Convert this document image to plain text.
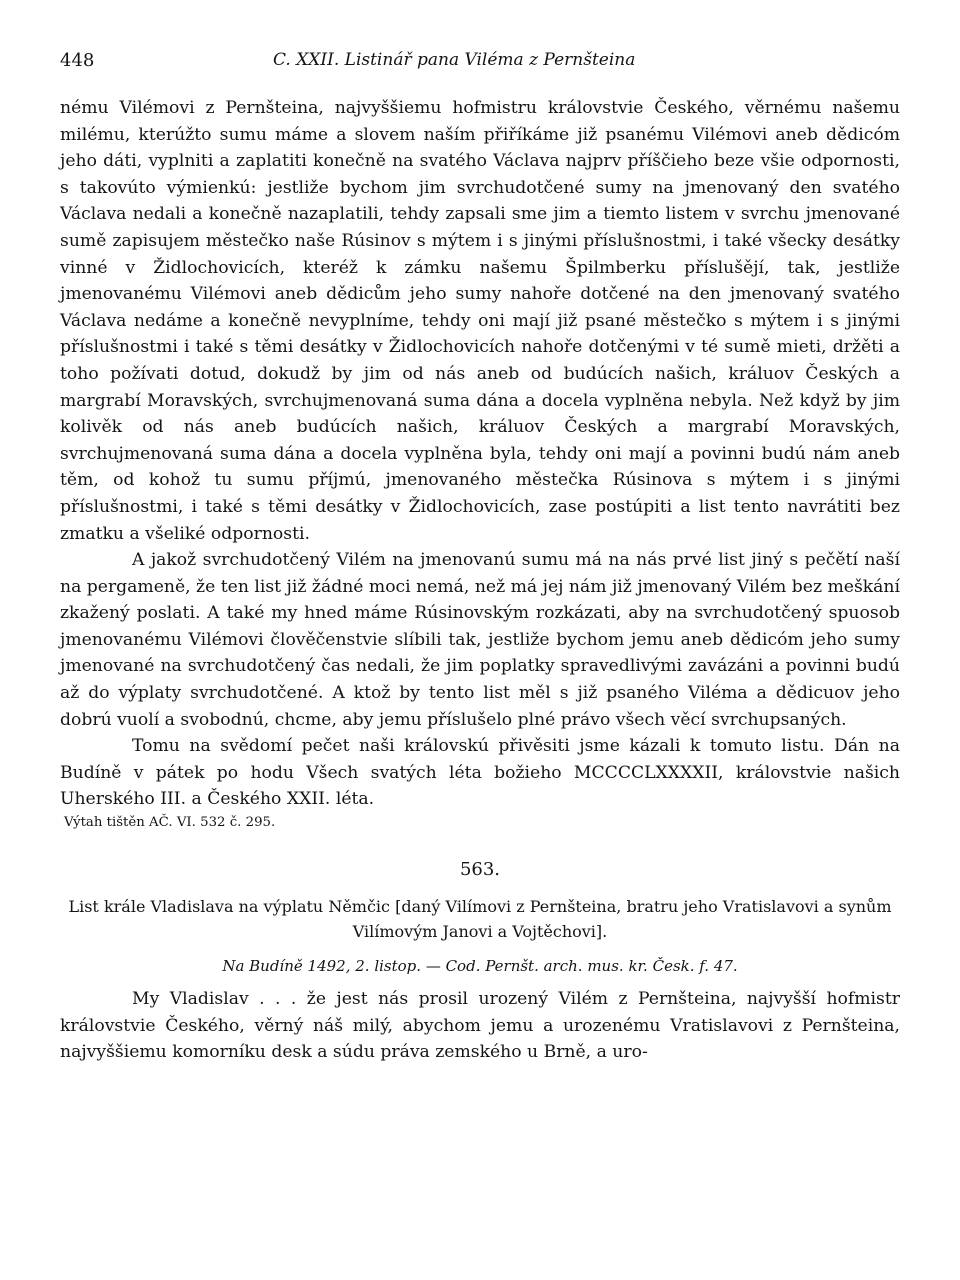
448	C. XXII. Listinář pana Viléma z Pernšteina

nému Vilémovi z Pernšteina, najvyššiemu hofmistru královstvie Českého, věrnému našemu milému, kterúžto sumu máme a slovem naším přiříkáme již psanému Vilémovi aneb dědicóm jeho dáti, vyplniti a zaplatiti konečně na svatého Václava najprv příščieho beze všie odpornosti, s takovúto výmienkú: jestliže bychom jim svrchudotčené sumy na jmenovaný den svatého Václava nedali a konečně nazaplatili, tehdy zapsali sme jim a tiemto listem v svrchu jmenované sumě zapisujem městečko naše Rúsinov s mýtem i s jinými příslušnostmi, i také všecky desátky vinné v Židlochovicích, kteréž k zámku našemu Špilmberku příslušějí, tak, jestliže jmenovanému Vilémovi aneb dědicům jeho sumy nahoře dotčené na den jmenovaný svatého Václava nedáme a konečně nevyplníme, tehdy oni mají již psané městečko s mýtem i s jinými příslušnostmi i také s těmi desátky v Židlochovicích nahoře dotčenými v té sumě mieti, držěti a toho požívati dotud, dokudž by jim od nás aneb od budúcích našich, králuov Českých a margrabí Moravských, svrchujmenovaná suma dána a docela vyplněna nebyla. Než když by jim kolivěk od nás aneb budúcích našich, králuov Českých a margrabí Moravských, svrchujmenovaná suma dána a docela vyplněna byla, tehdy oni mají a povinni budú nám aneb těm, od kohož tu sumu příjmú, jmenovaného městečka Rúsinova s mýtem i s jinými příslušnostmi, i také s těmi desátky v Židlochovicích, zase postúpiti a list tento navrátiti bez zmatku a všeliké odpornosti.

A jakož svrchudotčený Vilém na jmenovanú sumu má na nás prvé list jiný s pečětí naší na pergameně, že ten list již žádné moci nemá, než má jej nám již jmenovaný Vilém bez meškání zkažený poslati. A také my hned máme Rúsinovským rozkázati, aby na svrchudotčený spuosob jmenovanému Vilémovi člověčenstvie slíbili tak, jestliže bychom jemu aneb dědicóm jeho sumy jmenované na svrchudotčený čas nedali, že jim poplatky spravedlivými zavázáni a povinni budú až do výplaty svrchudotčené. A ktož by tento list měl s již psaného Viléma a dědicuov jeho dobrú vuolí a svobodnú, chcme, aby jemu příslušelo plné právo všech věcí svrchupsaných.

Tomu na svědomí pečet naši královskú přivěsiti jsme kázali k tomuto listu. Dán na Budíně v pátek po hodu Všech svatých léta božieho MCCCCLXXXXII, královstvie našich Uherského III. a Českého XXII. léta.

Výtah tištěn AČ. VI. 532 č. 295.

563.
List krále Vladislava na výplatu Němčic [daný Vilímovi z Pernšteina, bratru jeho Vratislavovi a synům Vilímovým Janovi a Vojtěchovi].
Na Budíně 1492, 2. listop. — Cod. Pernšt. arch. mus. kr. Česk. f. 47.

My Vladislav . . . že jest nás prosil urozený Vilém z Pernšteina, najvyšší hofmistr královstvie Českého, věrný náš milý, abychom jemu a urozenému Vratislavovi z Pernšteina, najvyššiemu komorníku desk a súdu práva zemského u Brně, a uro-
